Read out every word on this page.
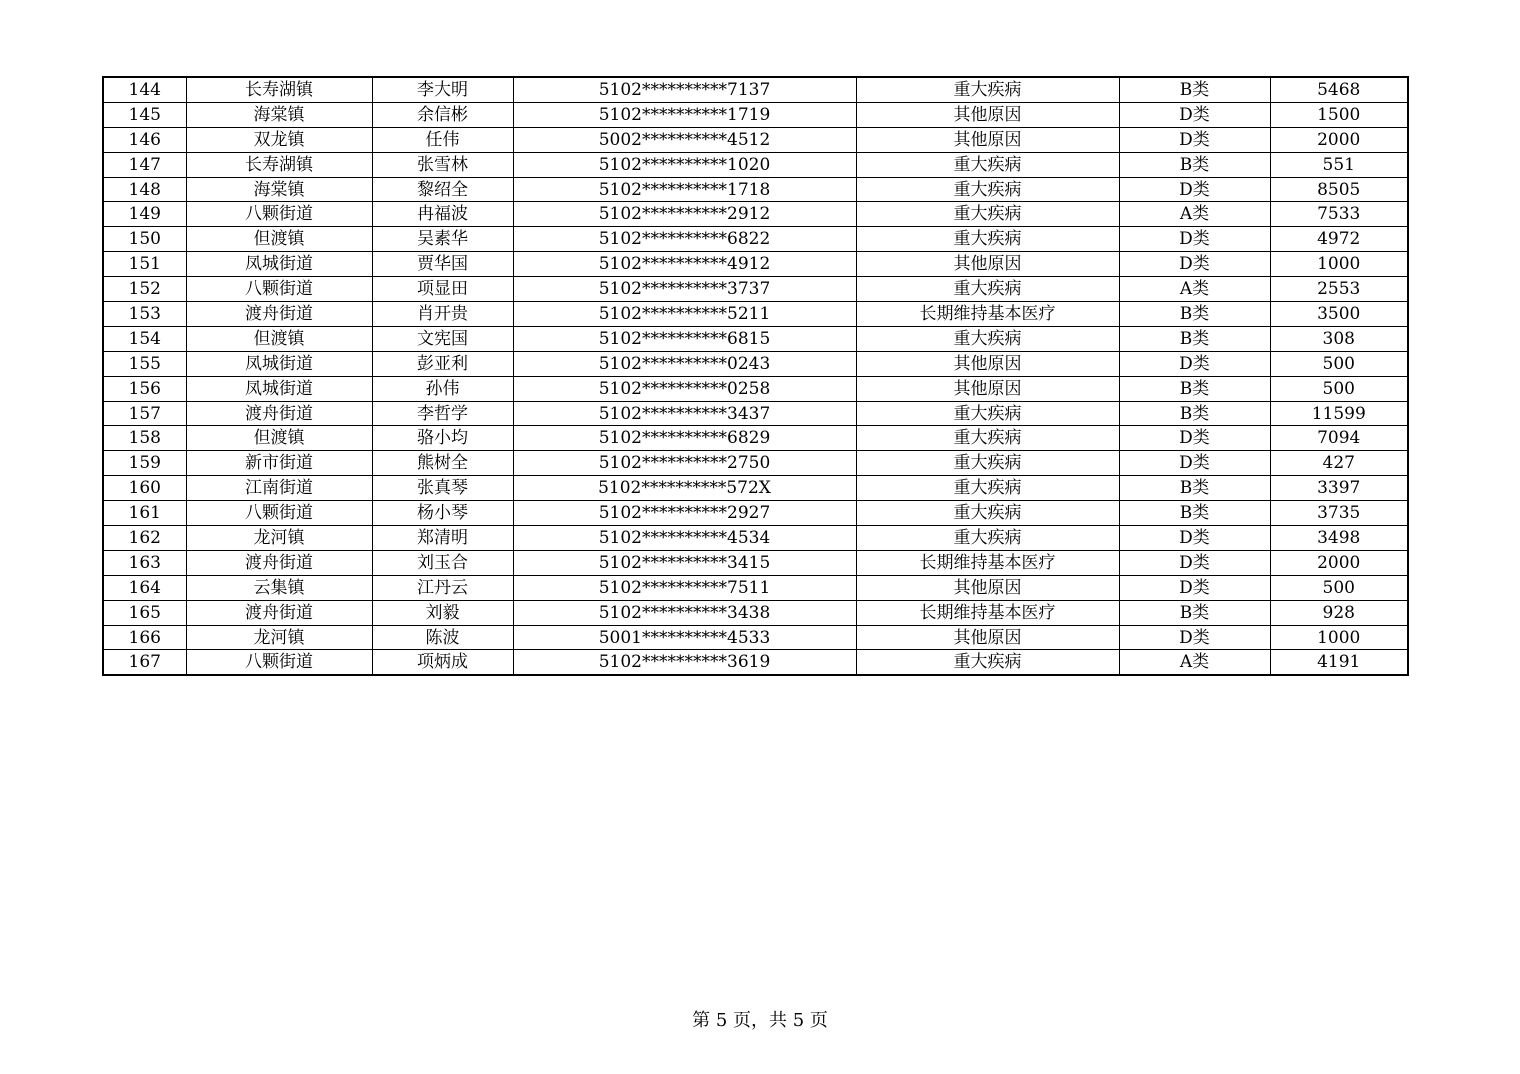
144	长寿湖镇	李大明	5102**********7137	重大疾病	B类	5468
145	海棠镇	余信彬	5102**********1719	其他原因	D类	1500
146	双龙镇	任伟	5002**********4512	其他原因	D类	2000
147	长寿湖镇	张雪林	5102**********1020	重大疾病	B类	551
148	海棠镇	黎绍全	5102**********1718	重大疾病	D类	8505
149	八颗街道	冉福波	5102**********2912	重大疾病	A类	7533
150	但渡镇	吴素华	5102**********6822	重大疾病	D类	4972
151	凤城街道	贾华国	5102**********4912	其他原因	D类	1000
152	八颗街道	项显田	5102**********3737	重大疾病	A类	2553
153	渡舟街道	肖开贵	5102**********5211	长期维持基本医疗	B类	3500
154	但渡镇	文宪国	5102**********6815	重大疾病	B类	308
155	凤城街道	彭亚利	5102**********0243	其他原因	D类	500
156	凤城街道	孙伟	5102**********0258	其他原因	B类	500
157	渡舟街道	李哲学	5102**********3437	重大疾病	B类	11599
158	但渡镇	骆小均	5102**********6829	重大疾病	D类	7094
159	新市街道	熊树全	5102**********2750	重大疾病	D类	427
160	江南街道	张真琴	5102**********572X	重大疾病	B类	3397
161	八颗街道	杨小琴	5102**********2927	重大疾病	B类	3735
162	龙河镇	郑清明	5102**********4534	重大疾病	D类	3498
163	渡舟街道	刘玉合	5102**********3415	长期维持基本医疗	D类	2000
164	云集镇	江丹云	5102**********7511	其他原因	D类	500
165	渡舟街道	刘毅	5102**********3438	长期维持基本医疗	B类	928
166	龙河镇	陈波	5001**********4533	其他原因	D类	1000
167	八颗街道	项炳成	5102**********3619	重大疾病	A类	4191
第 5 页，共 5 页
